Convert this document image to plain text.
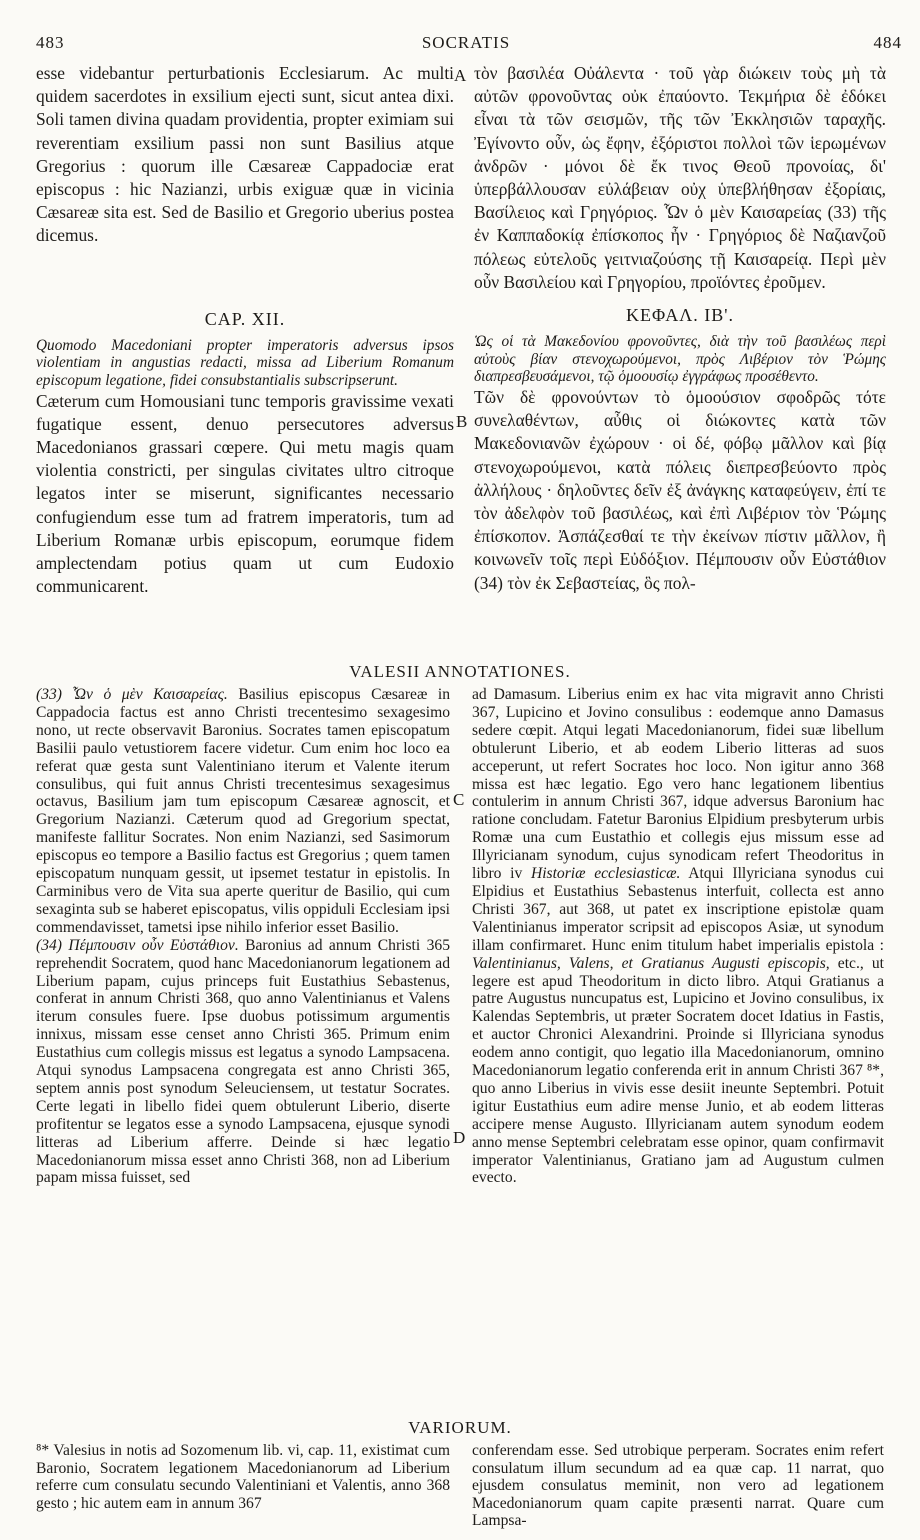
483	SOCRATIS	484

esse videbantur perturbationis Ecclesiarum. Ac multi quidem sacerdotes in exsilium ejecti sunt, sicut antea dixi. Soli tamen divina quadam providentia, propter eximiam sui reverentiam exsilium passi non sunt Basilius atque Gregorius : quorum ille Cæsareæ Cappadociæ erat episcopus : hic Nazianzi, urbis exiguæ quæ in vicinia Cæsareæ sita est. Sed de Basilio et Gregorio uberius postea dicemus.

CAP. XII.

Quomodo Macedoniani propter imperatoris adversus ipsos violentiam in angustias redacti, missa ad Liberium Romanum episcopum legatione, fidei consubstantialis subscripserunt.

Cæterum cum Homousiani tunc temporis gravissime vexati fugatique essent, denuo persecutores adversus Macedonianos grassari cœpere. Qui metu magis quam violentia constricti, per singulas civitates ultro citroque legatos inter se miserunt, significantes necessario confugiendum esse tum ad fratrem imperatoris, tum ad Liberium Romanæ urbis episcopum, eorumque fidem amplectendam potius quam ut cum Eudoxio communicarent.

τὸν βασιλέα Οὐάλεντα · τοῦ γὰρ διώκειν τοὺς μὴ τὰ αὐτῶν φρονοῦντας οὐκ ἐπαύοντο. Τεκμήρια δὲ ἐδόκει εἶναι τὰ τῶν σεισμῶν, τῆς τῶν Ἐκκλησιῶν ταραχῆς. Ἐγίνοντο οὖν, ὡς ἔφην, ἐξόριστοι πολλοὶ τῶν ἱερωμένων ἀνδρῶν · μόνοι δὲ ἔκ τινος Θεοῦ προνοίας, δι' ὑπερβάλλουσαν εὐλάβειαν οὐχ ὑπεβλήθησαν ἐξορίαις, Βασίλειος καὶ Γρηγόριος. Ὧν ὁ μὲν Καισαρείας (33) τῆς ἐν Καππαδοκίᾳ ἐπίσκοπος ἦν · Γρηγόριος δὲ Ναζιανζοῦ πόλεως εὐτελοῦς γειτνιαζούσης τῇ Καισαρείᾳ. Περὶ μὲν οὖν Βασιλείου καὶ Γρηγορίου, προϊόντες ἐροῦμεν.

ΚΕΦΑΛ. ΙΒ'.

Ὡς οἱ τὰ Μακεδονίου φρονοῦντες, διὰ τὴν τοῦ βασιλέως περὶ αὐτοὺς βίαν στενοχωρούμενοι, πρὸς Λιβέριον τὸν Ῥώμης διαπρεσβευσάμενοι, τῷ ὁμοουσίῳ ἐγγράφως προσέθεντο.

Τῶν δὲ φρονούντων τὸ ὁμοούσιον σφοδρῶς τότε συνελαθέντων, αὖθις οἱ διώκοντες κατὰ τῶν Μακεδονιανῶν ἐχώρουν · οἱ δέ, φόβῳ μᾶλλον καὶ βίᾳ στενοχωρούμενοι, κατὰ πόλεις διεπρεσβεύοντο πρὸς ἀλλήλους · δηλοῦντες δεῖν ἐξ ἀνάγκης καταφεύγειν, ἐπί τε τὸν ἀδελφὸν τοῦ βασιλέως, καὶ ἐπὶ Λιβέριον τὸν Ῥώμης ἐπίσκοπον. Ἀσπάζεσθαί τε τὴν ἐκείνων πίστιν μᾶλλον, ἢ κοινωνεῖν τοῖς περὶ Εὐδόξιον. Πέμπουσιν οὖν Εὐστάθιον (34) τὸν ἐκ Σεβαστείας, ὃς πολ-

A
B
VALESII ANNOTATIONES.

(33) Ὧν ὁ μὲν Καισαρείας. Basilius episcopus Cæsareæ in Cappadocia factus est anno Christi trecentesimo sexagesimo nono, ut recte observavit Baronius. Socrates tamen episcopatum Basilii paulo vetustiorem facere videtur. Cum enim hoc loco ea referat quæ gesta sunt Valentiniano iterum et Valente iterum consulibus, qui fuit annus Christi trecentesimus sexagesimus octavus, Basilium jam tum episcopum Cæsareæ agnoscit, et Gregorium Nazianzi. Cæterum quod ad Gregorium spectat, manifeste fallitur Socrates. Non enim Nazianzi, sed Sasimorum episcopus eo tempore a Basilio factus est Gregorius ; quem tamen episcopatum nunquam gessit, ut ipsemet testatur in epistolis. In Carminibus vero de Vita sua aperte queritur de Basilio, qui cum sexaginta sub se haberet episcopatus, vilis oppiduli Ecclesiam ipsi commendavisset, tametsi ipse nihilo inferior esset Basilio.

(34) Πέμπουσιν οὖν Εὐστάθιον. Baronius ad annum Christi 365 reprehendit Socratem, quod hanc Macedonianorum legationem ad Liberium papam, cujus princeps fuit Eustathius Sebastenus, conferat in annum Christi 368, quo anno Valentinianus et Valens iterum consules fuere. Ipse duobus potissimum argumentis innixus, missam esse censet anno Christi 365. Primum enim Eustathius cum collegis missus est legatus a synodo Lampsacena. Atqui synodus Lampsacena congregata est anno Christi 365, septem annis post synodum Seleuciensem, ut testatur Socrates. Certe legati in libello fidei quem obtulerunt Liberio, diserte profitentur se legatos esse a synodo Lampsacena, ejusque synodi litteras ad Liberium afferre. Deinde si hæc legatio Macedonianorum missa esset anno Christi 368, non ad Liberium papam missa fuisset, sed

C
D

ad Damasum. Liberius enim ex hac vita migravit anno Christi 367, Lupicino et Jovino consulibus : eodemque anno Damasus sedere cœpit. Atqui legati Macedonianorum, fidei suæ libellum obtulerunt Liberio, et ab eodem Liberio litteras ad suos acceperunt, ut refert Socrates hoc loco. Non igitur anno 368 missa est hæc legatio. Ego vero hanc legationem libentius contulerim in annum Christi 367, idque adversus Baronium hac ratione concludam. Fatetur Baronius Elpidium presbyterum urbis Romæ una cum Eustathio et collegis ejus missum esse ad Illyricianam synodum, cujus synodicam refert Theodoritus in libro iv Historiæ ecclesiasticæ. Atqui Illyriciana synodus cui Elpidius et Eustathius Sebastenus interfuit, collecta est anno Christi 367, aut 368, ut patet ex inscriptione epistolæ quam Valentinianus imperator scripsit ad episcopos Asiæ, ut synodum illam confirmaret. Hunc enim titulum habet imperialis epistola : Valentinianus, Valens, et Gratianus Augusti episcopis, etc., ut legere est apud Theodoritum in dicto libro. Atqui Gratianus a patre Augustus nuncupatus est, Lupicino et Jovino consulibus, ix Kalendas Septembris, ut præter Socratem docet Idatius in Fastis, et auctor Chronici Alexandrini. Proinde si Illyriciana synodus eodem anno contigit, quo legatio illa Macedonianorum, omnino Macedonianorum legatio conferenda erit in annum Christi 367 ⁸*, quo anno Liberius in vivis esse desiit ineunte Septembri. Potuit igitur Eustathius eum adire mense Junio, et ab eodem litteras accipere mense Augusto. Illyricianam autem synodum eodem anno mense Septembri celebratam esse opinor, quam confirmavit imperator Valentinianus, Gratiano jam ad Augustum culmen evecto.

VARIORUM.
⁸* Valesius in notis ad Sozomenum lib. vi, cap. 11, existimat cum Baronio, Socratem legationem Macedonianorum ad Liberium referre cum consulatu secundo Valentiniani et Valentis, anno 368 gesto ; hic autem eam in annum 367
conferendam esse. Sed utrobique perperam. Socrates enim refert consulatum illum secundum ad ea quæ cap. 11 narrat, quo ejusdem consulatus meminit, non vero ad legationem Macedonianorum quam capite præsenti narrat. Quare cum Lampsa-
